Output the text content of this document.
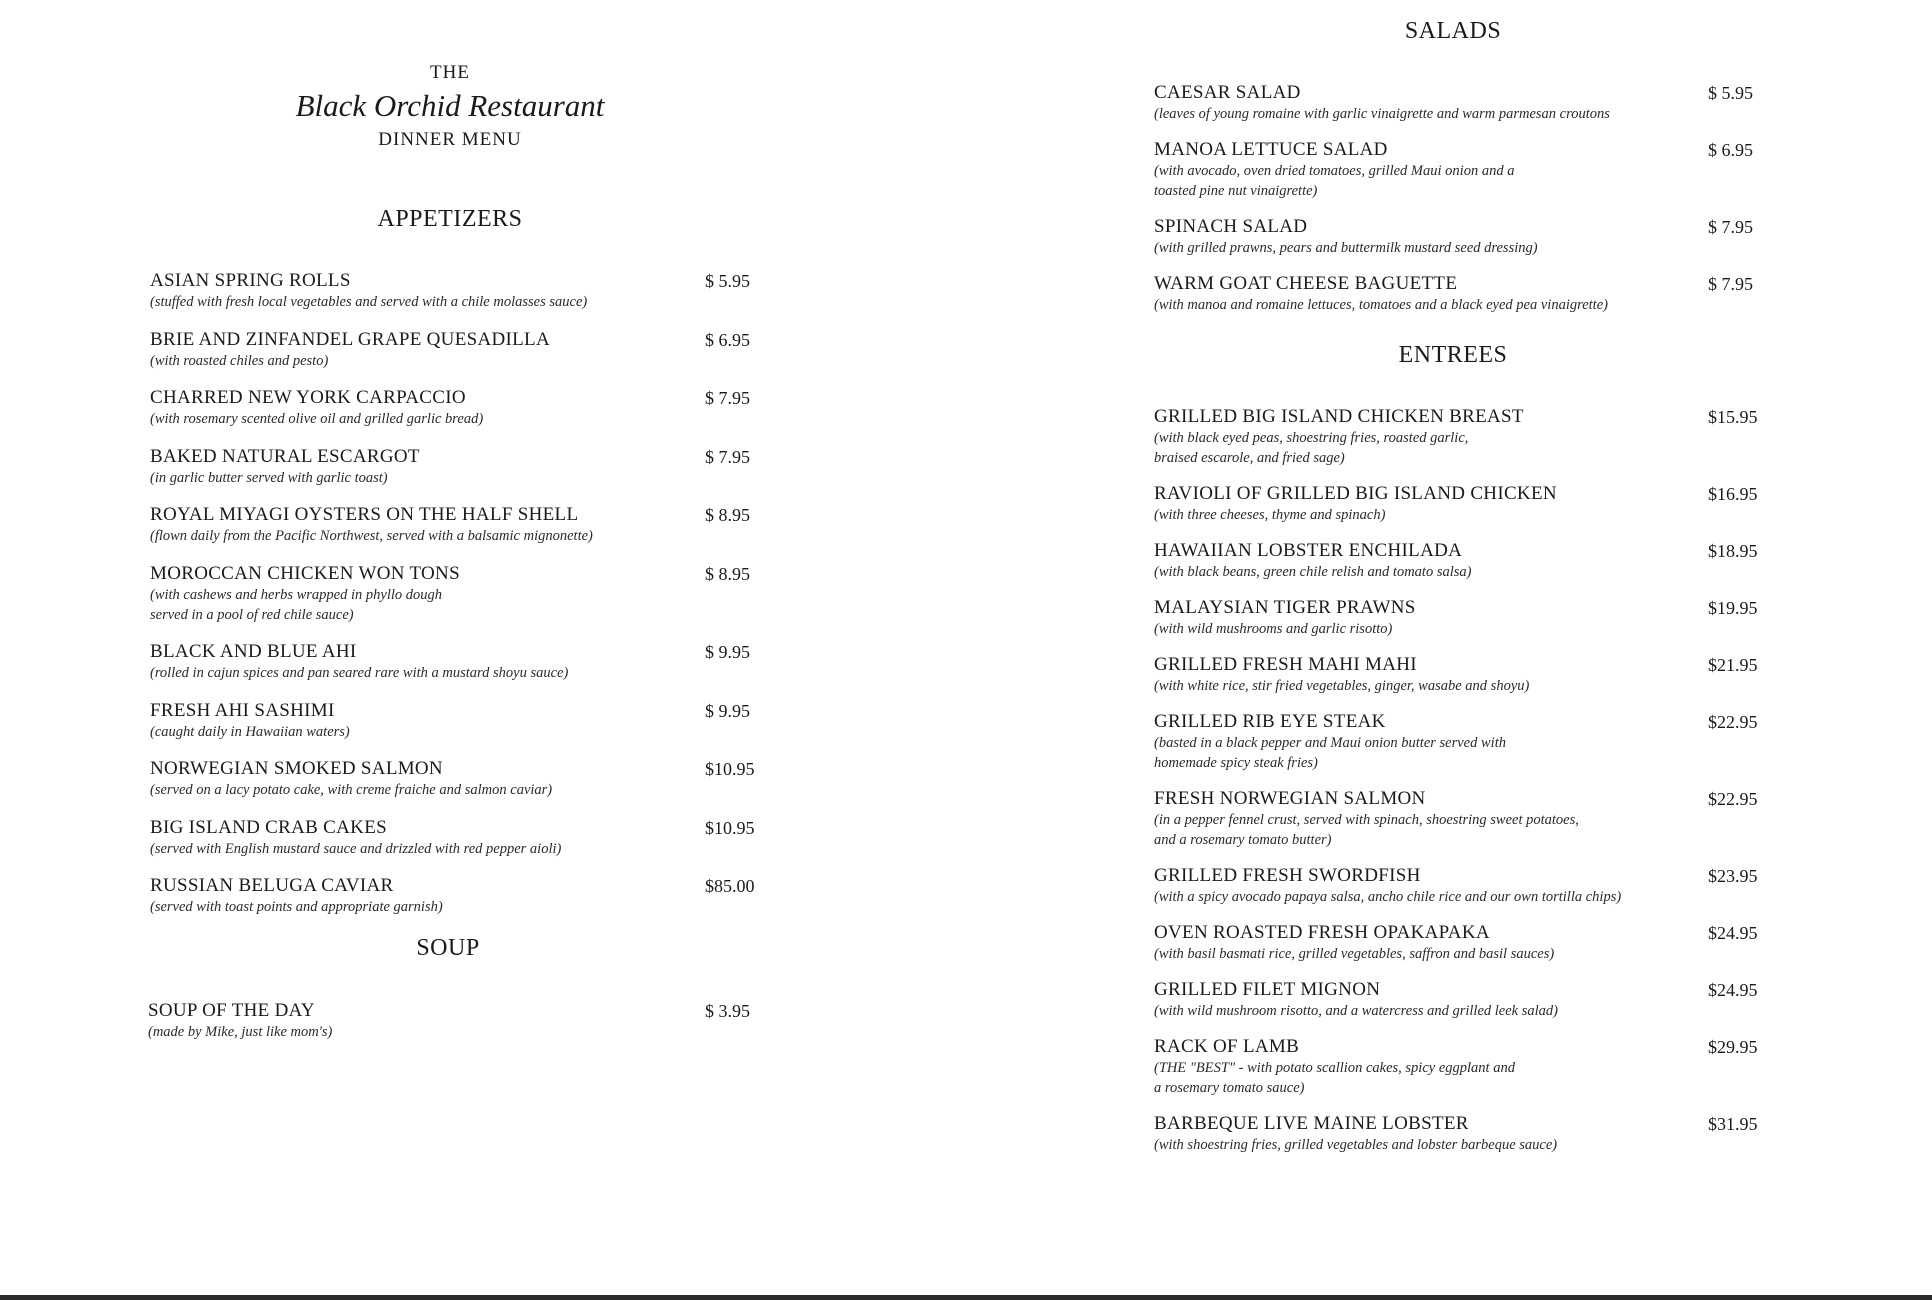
THE
Black Orchid Restaurant
DINNER MENU
APPETIZERS
ASIAN SPRING ROLLS
(stuffed with fresh local vegetables and served with a chile molasses sauce)
$ 5.95
BRIE AND ZINFANDEL GRAPE QUESADILLA
(with roasted chiles and pesto)
$ 6.95
CHARRED NEW YORK CARPACCIO
(with rosemary scented olive oil and grilled garlic bread)
$ 7.95
BAKED NATURAL ESCARGOT
(in garlic butter served with garlic toast)
$ 7.95
ROYAL MIYAGI OYSTERS ON THE HALF SHELL
(flown daily from the Pacific Northwest, served with a balsamic mignonette)
$ 8.95
MOROCCAN CHICKEN WON TONS
(with cashews and herbs wrapped in phyllo dough
served in a pool of red chile sauce)
$ 8.95
BLACK AND BLUE AHI
(rolled in cajun spices and pan seared rare with a mustard shoyu sauce)
$ 9.95
FRESH AHI SASHIMI
(caught daily in Hawaiian waters)
$ 9.95
NORWEGIAN SMOKED SALMON
(served on a lacy potato cake, with creme fraiche and salmon caviar)
$10.95
BIG ISLAND CRAB CAKES
(served with English mustard sauce and drizzled with red pepper aioli)
$10.95
RUSSIAN BELUGA CAVIAR
(served with toast points and appropriate garnish)
$85.00
SOUP
SOUP OF THE DAY
(made by Mike, just like mom's)
$ 3.95
SALADS
CAESAR SALAD
(leaves of young romaine with garlic vinaigrette and warm parmesan croutons
$ 5.95
MANOA LETTUCE SALAD
(with avocado, oven dried tomatoes, grilled Maui onion and a
toasted pine nut vinaigrette)
$ 6.95
SPINACH SALAD
(with grilled prawns, pears and buttermilk mustard seed dressing)
$ 7.95
WARM GOAT CHEESE BAGUETTE
(with manoa and romaine lettuces, tomatoes and a black eyed pea vinaigrette)
$ 7.95
ENTREES
GRILLED BIG ISLAND CHICKEN BREAST
(with black eyed peas, shoestring fries, roasted garlic,
braised escarole, and fried sage)
$15.95
RAVIOLI OF GRILLED BIG ISLAND CHICKEN
(with three cheeses, thyme and spinach)
$16.95
HAWAIIAN LOBSTER ENCHILADA
(with black beans, green chile relish and tomato salsa)
$18.95
MALAYSIAN TIGER PRAWNS
(with wild mushrooms and garlic risotto)
$19.95
GRILLED FRESH MAHI MAHI
(with white rice, stir fried vegetables, ginger, wasabe and shoyu)
$21.95
GRILLED RIB EYE STEAK
(basted in a black pepper and Maui onion butter served with
homemade spicy steak fries)
$22.95
FRESH NORWEGIAN SALMON
(in a pepper fennel crust, served with spinach, shoestring sweet potatoes,
and a rosemary tomato butter)
$22.95
GRILLED FRESH SWORDFISH
(with a spicy avocado papaya salsa, ancho chile rice and our own tortilla chips)
$23.95
OVEN ROASTED FRESH OPAKAPAKA
(with basil basmati rice, grilled vegetables, saffron and basil sauces)
$24.95
GRILLED FILET MIGNON
(with wild mushroom risotto, and a watercress and grilled leek salad)
$24.95
RACK OF LAMB
(THE "BEST" - with potato scallion cakes, spicy eggplant and
a rosemary tomato sauce)
$29.95
BARBEQUE LIVE MAINE LOBSTER
(with shoestring fries, grilled vegetables and lobster barbeque sauce)
$31.95
